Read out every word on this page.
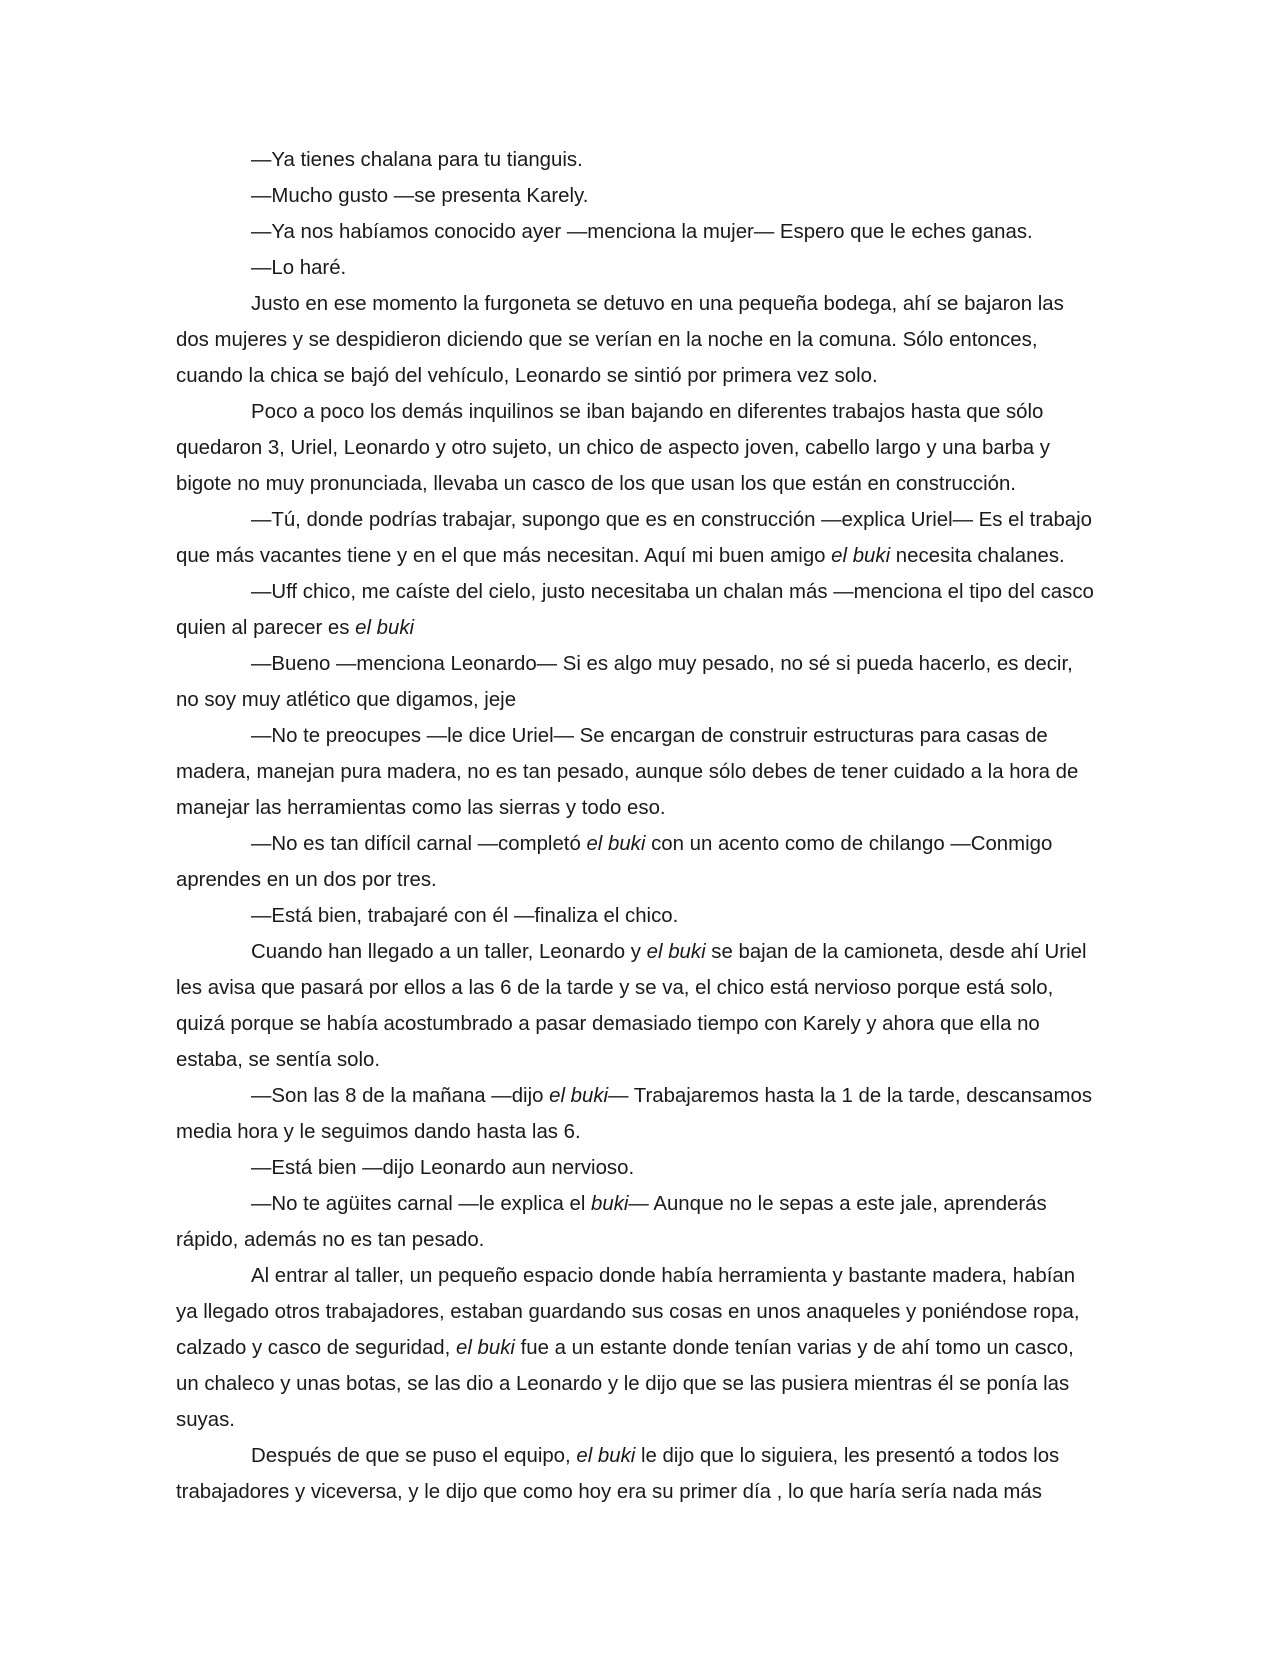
—Ya tienes chalana para tu tianguis.

—Mucho gusto —se presenta Karely.

—Ya nos habíamos conocido ayer —menciona la mujer— Espero que le eches ganas.

—Lo haré.

Justo en ese momento la furgoneta se detuvo en una pequeña bodega, ahí se bajaron las dos mujeres y se despidieron diciendo que se verían en la noche en la comuna. Sólo entonces, cuando la chica se bajó del vehículo, Leonardo se sintió por primera vez solo.

Poco a poco los demás inquilinos se iban bajando en diferentes trabajos hasta que sólo quedaron 3, Uriel, Leonardo y otro sujeto, un chico de aspecto joven, cabello largo y una barba y bigote no muy pronunciada, llevaba un casco de los que usan los que están en construcción.

—Tú, donde podrías trabajar, supongo que es en construcción —explica Uriel— Es el trabajo que más vacantes tiene y en el que más necesitan. Aquí mi buen amigo el buki necesita chalanes.

—Uff chico, me caíste del cielo, justo necesitaba un chalan más —menciona el tipo del casco quien al parecer es el buki

—Bueno —menciona Leonardo— Si es algo muy pesado, no sé si pueda hacerlo, es decir, no soy muy atlético que digamos, jeje

—No te preocupes —le dice Uriel— Se encargan de construir estructuras para casas de madera, manejan pura madera, no es tan pesado, aunque sólo debes de tener cuidado a la hora de manejar las herramientas como las sierras y todo eso.

—No es tan difícil carnal —completó el buki con un acento como de chilango —Conmigo aprendes en un dos por tres.

—Está bien, trabajaré con él —finaliza el chico.

Cuando han llegado a un taller, Leonardo y el buki se bajan de la camioneta, desde ahí Uriel les avisa que pasará por ellos a las 6 de la tarde y se va, el chico está nervioso porque está solo, quizá porque se había acostumbrado a pasar demasiado tiempo con Karely y ahora que ella no estaba, se sentía solo.

—Son las 8 de la mañana —dijo el buki— Trabajaremos hasta la 1 de la tarde, descansamos media hora y le seguimos dando hasta las 6.

—Está bien —dijo Leonardo aun nervioso.

—No te agüites carnal —le explica el buki— Aunque no le sepas a este jale, aprenderás rápido, además no es tan pesado.

Al entrar al taller, un pequeño espacio donde había herramienta y bastante madera, habían ya llegado otros trabajadores, estaban guardando sus cosas en unos anaqueles y poniéndose ropa, calzado y casco de seguridad, el buki fue a un estante donde tenían varias y de ahí tomo un casco, un chaleco y unas botas, se las dio a Leonardo y le dijo que se las pusiera mientras él se ponía las suyas.

Después de que se puso el equipo, el buki le dijo que lo siguiera, les presentó a todos los trabajadores y viceversa, y le dijo que como hoy era su primer día , lo que haría sería nada más
